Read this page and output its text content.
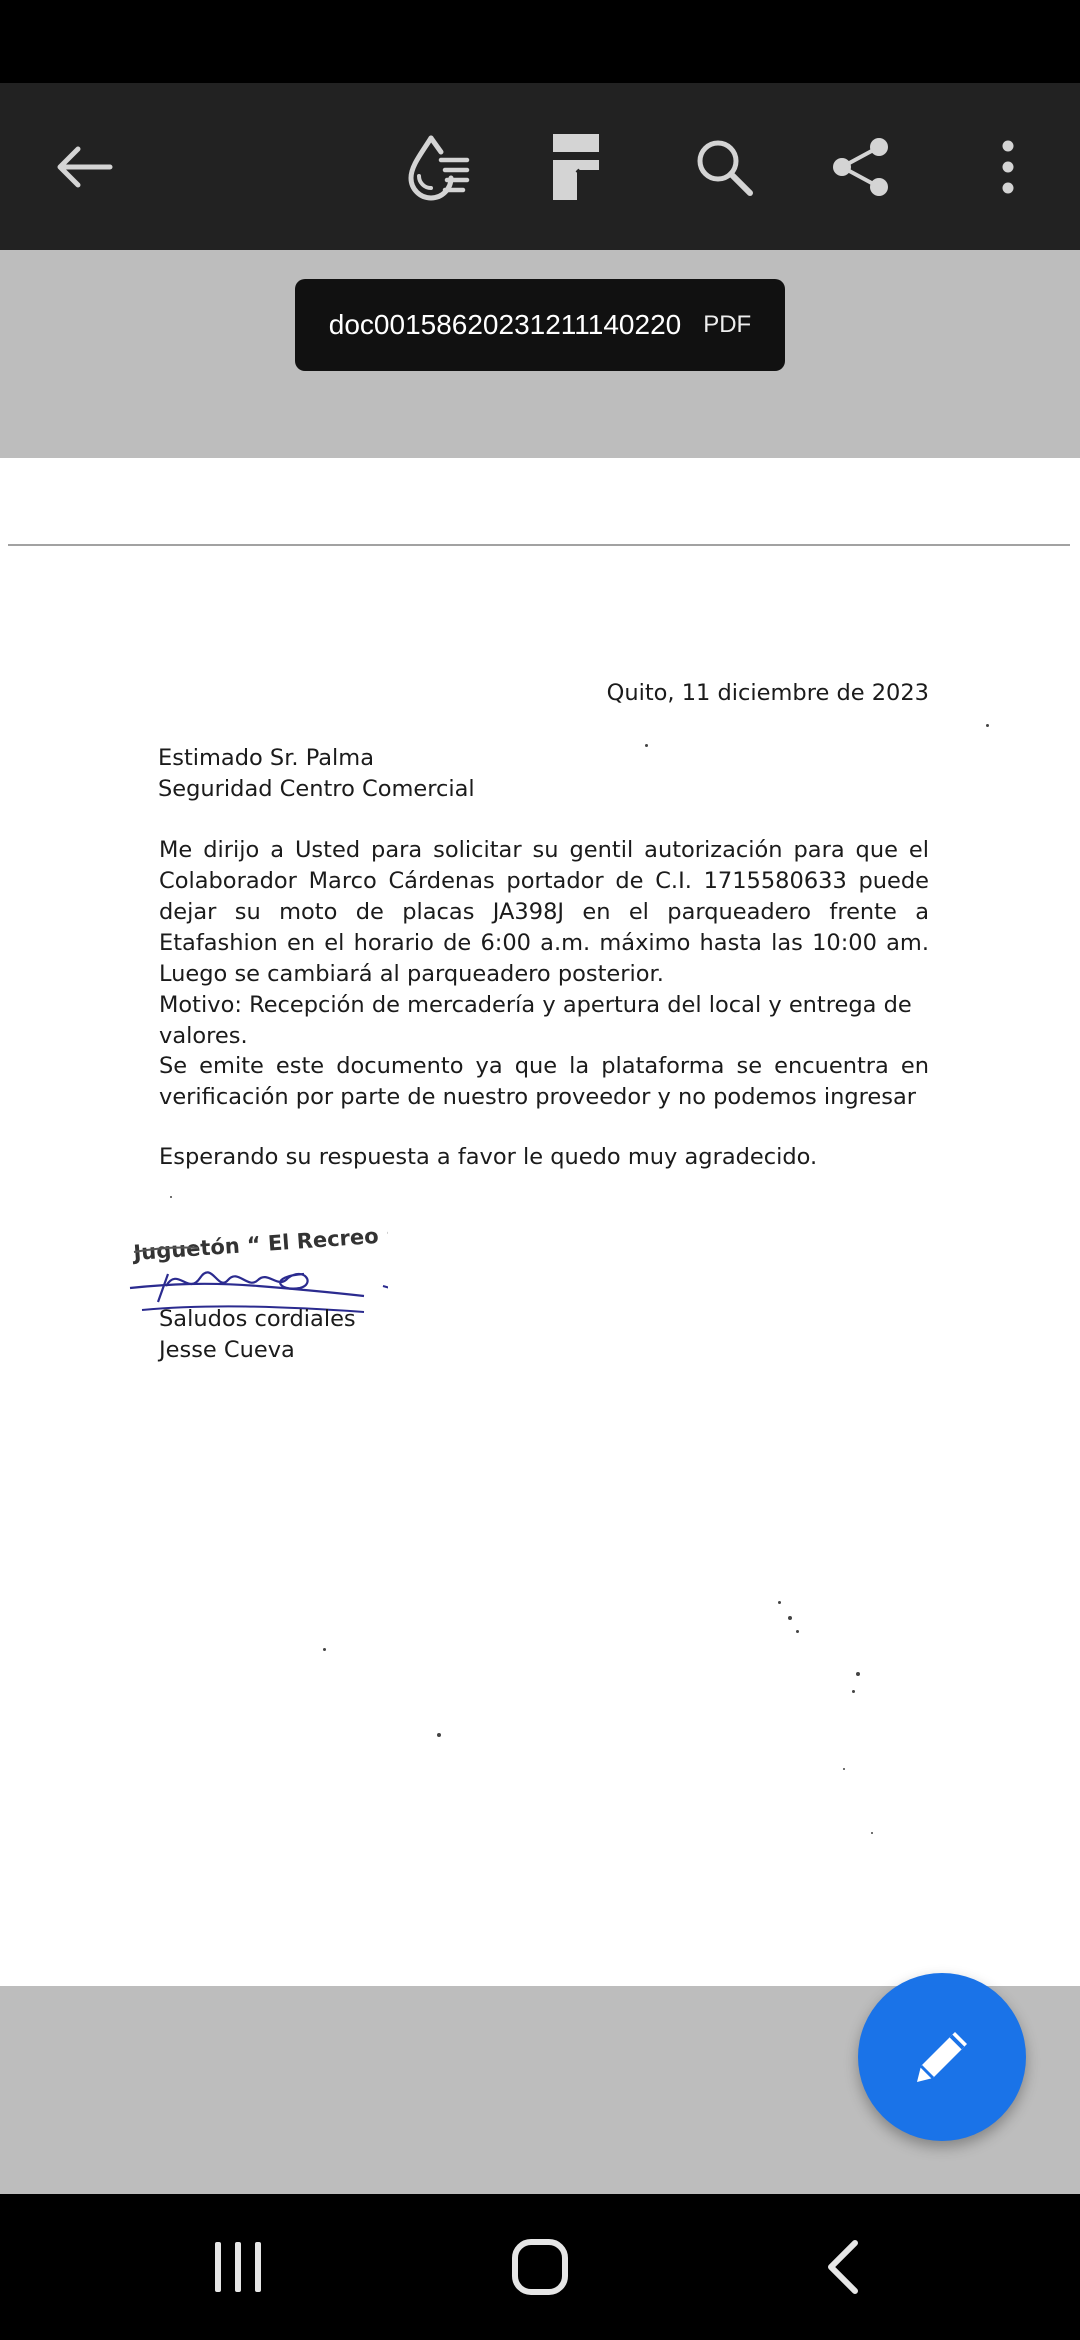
doc00158620231211140220 PDF
Quito, 11 diciembre de 2023
Estimado Sr. Palma
Seguridad Centro Comercial
Me dirijo a Usted para solicitar su gentil autorización para que el Colaborador Marco Cárdenas portador de C.I. 1715580633 puede dejar su moto de placas JA398J en el parqueadero frente a Etafashion en el horario de 6:00 a.m. máximo hasta las 10:00 am. Luego se cambiará al parqueadero posterior.
Motivo: Recepción de mercadería y apertura del local y entrega de valores.
Se emite este documento ya que la plataforma se encuentra en verificación por parte de nuestro proveedor y no podemos ingresar
Esperando su respuesta a favor le quedo muy agradecido.
Juguetón “ El Recreo ”
Saludos cordiales
Jesse Cueva
